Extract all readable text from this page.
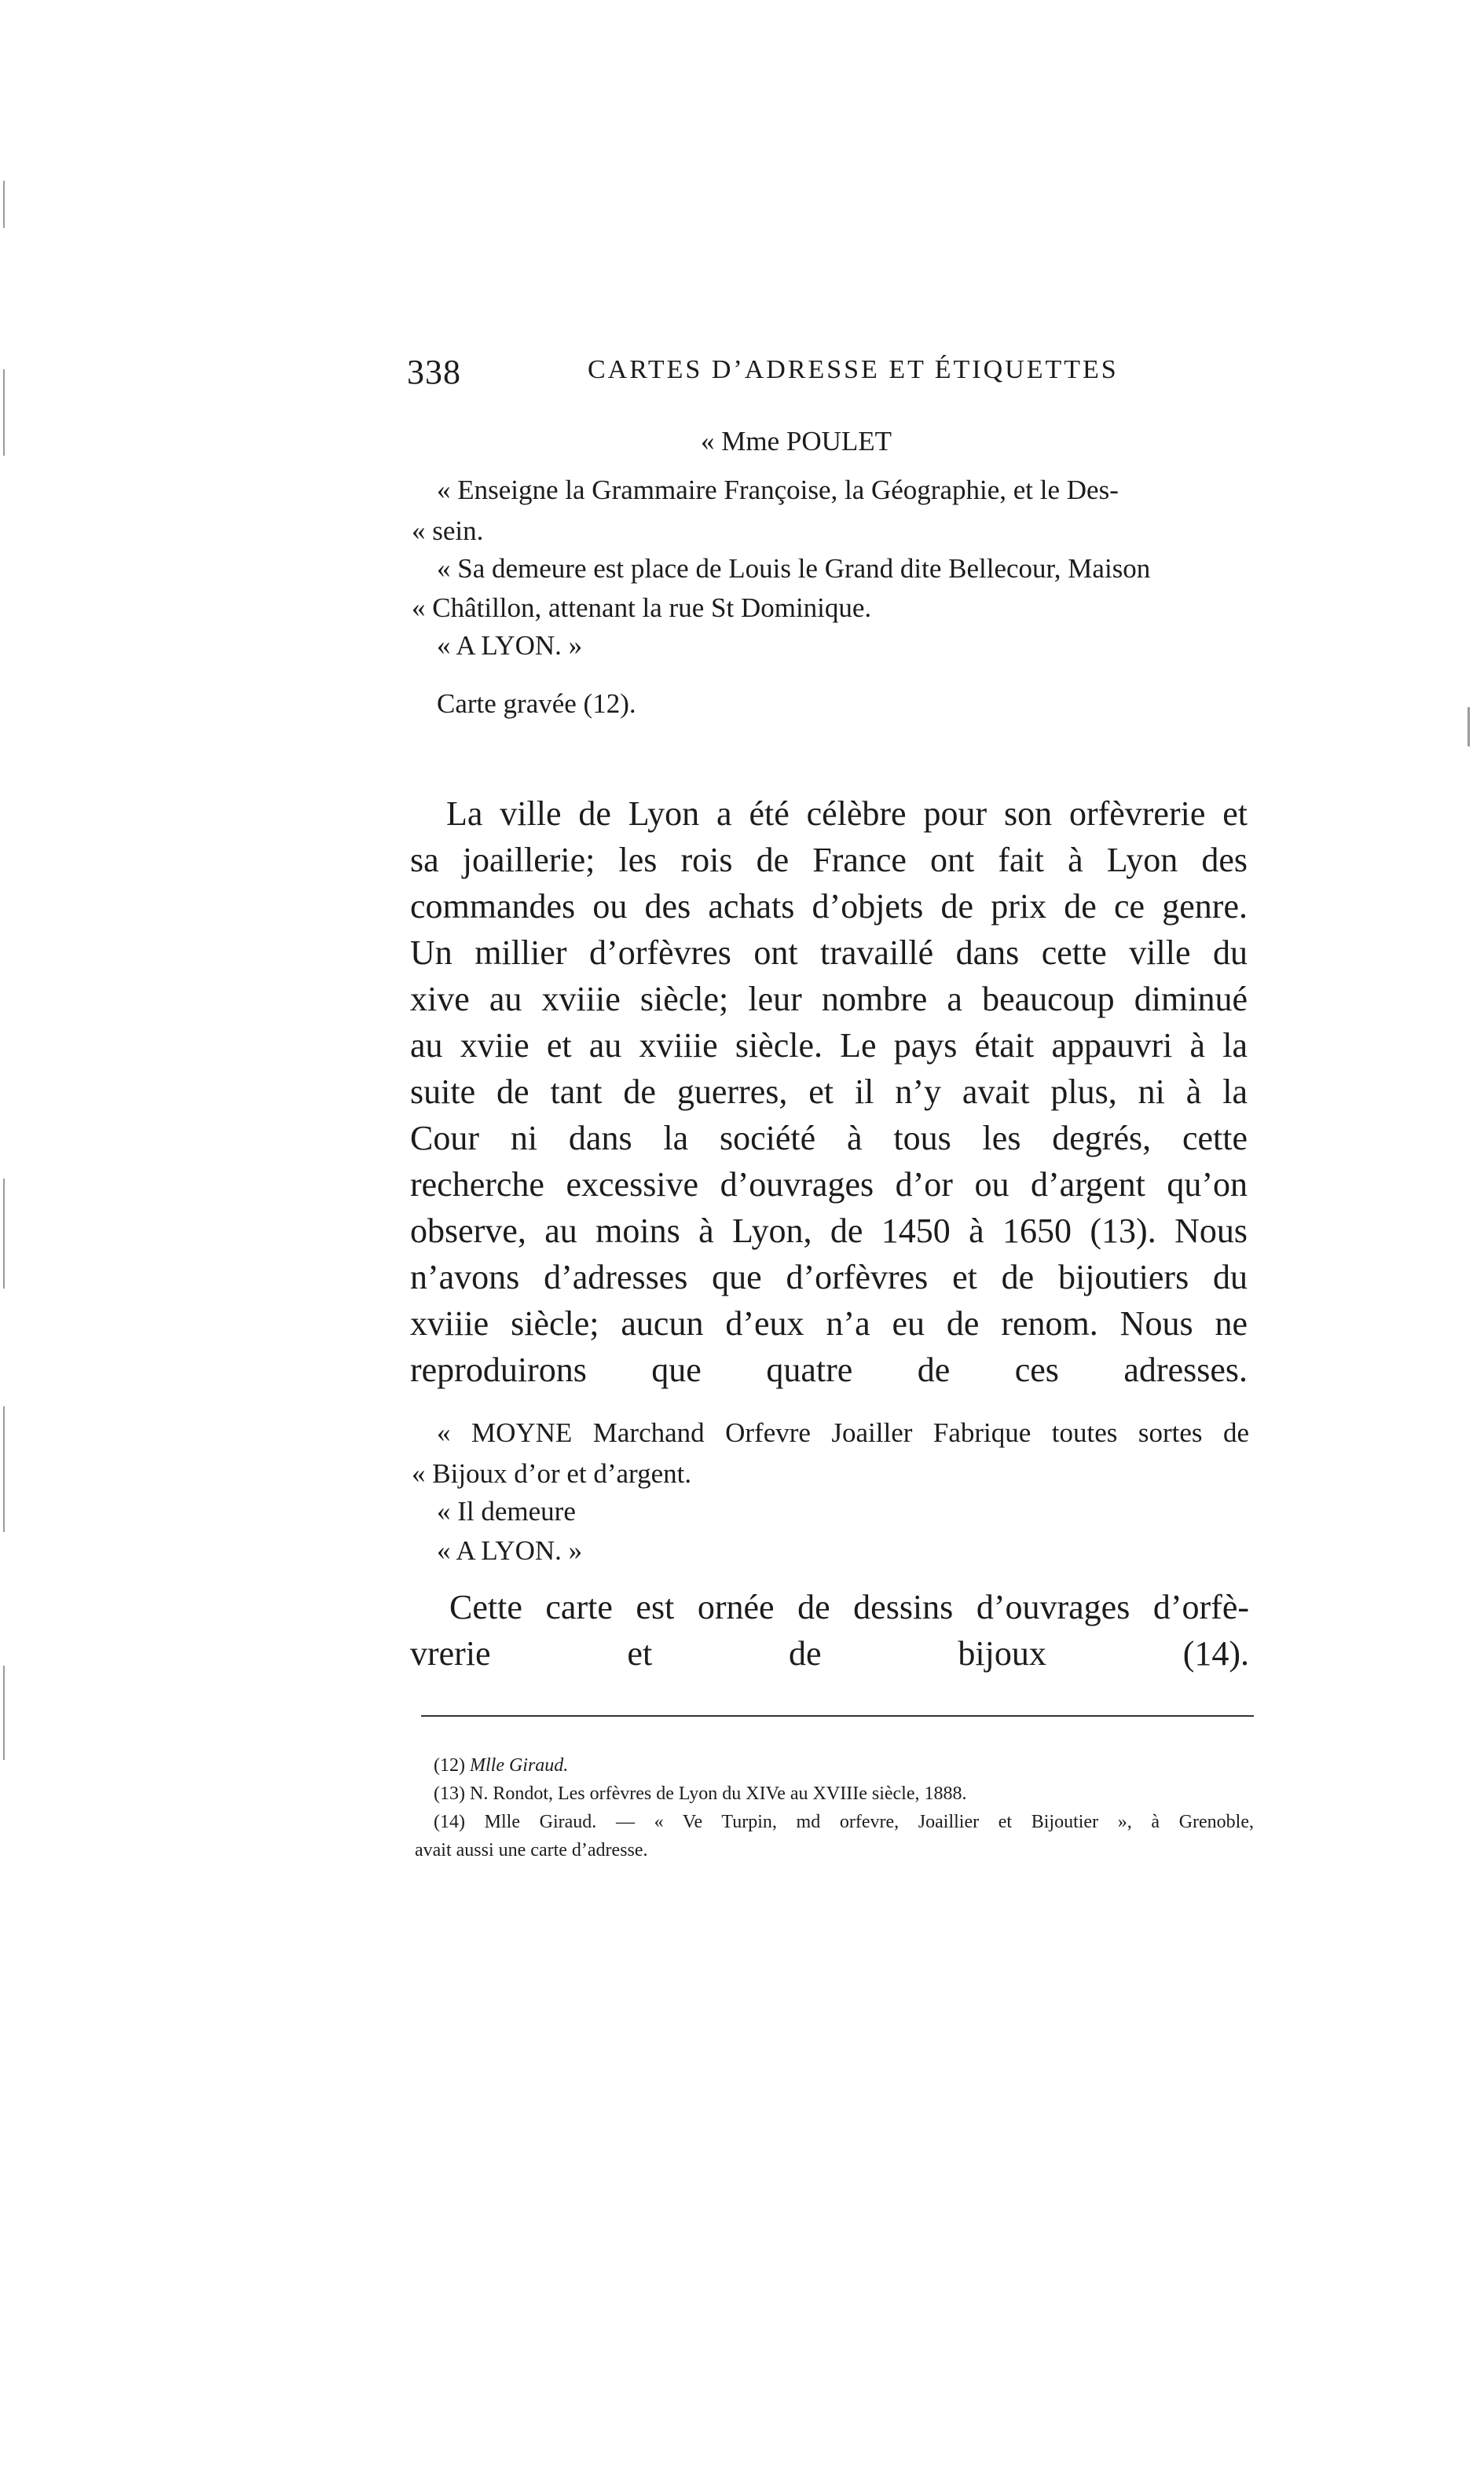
338	CARTES D’ADRESSE ET ÉTIQUETTES
« Mme POULET
« Enseigne la Grammaire Françoise, la Géographie, et le Des-
« sein.
« Sa demeure est place de Louis le Grand dite Bellecour, Maison
« Châtillon, attenant la rue St Dominique.
« A LYON. »
Carte gravée (12).
La ville de Lyon a été célèbre pour son orfèvrerie et
sa joaillerie; les rois de France ont fait à Lyon des
commandes ou des achats d’objets de prix de ce genre.
Un millier d’orfèvres ont travaillé dans cette ville du
xive au xviiie siècle; leur nombre a beaucoup diminué
au xviie et au xviiie siècle. Le pays était appauvri à la
suite de tant de guerres, et il n’y avait plus, ni à la
Cour ni dans la société à tous les degrés, cette
recherche excessive d’ouvrages d’or ou d’argent qu’on
observe, au moins à Lyon, de 1450 à 1650 (13). Nous
n’avons d’adresses que d’orfèvres et de bijoutiers du
xviiie siècle; aucun d’eux n’a eu de renom. Nous ne
reproduirons que quatre de ces adresses.
« MOYNE Marchand Orfevre Joailler Fabrique toutes sortes de
« Bijoux d’or et d’argent.
« Il demeure
« A LYON. »
Cette carte est ornée de dessins d’ouvrages d’orfè-
vrerie et de bijoux (14).
(12) Mlle Giraud.
(13) N. Rondot, Les orfèvres de Lyon du XIVe au XVIIIe siècle, 1888.
(14) Mlle Giraud. — « Ve Turpin, md orfevre, Joaillier et Bijoutier », à Grenoble,
avait aussi une carte d’adresse.
